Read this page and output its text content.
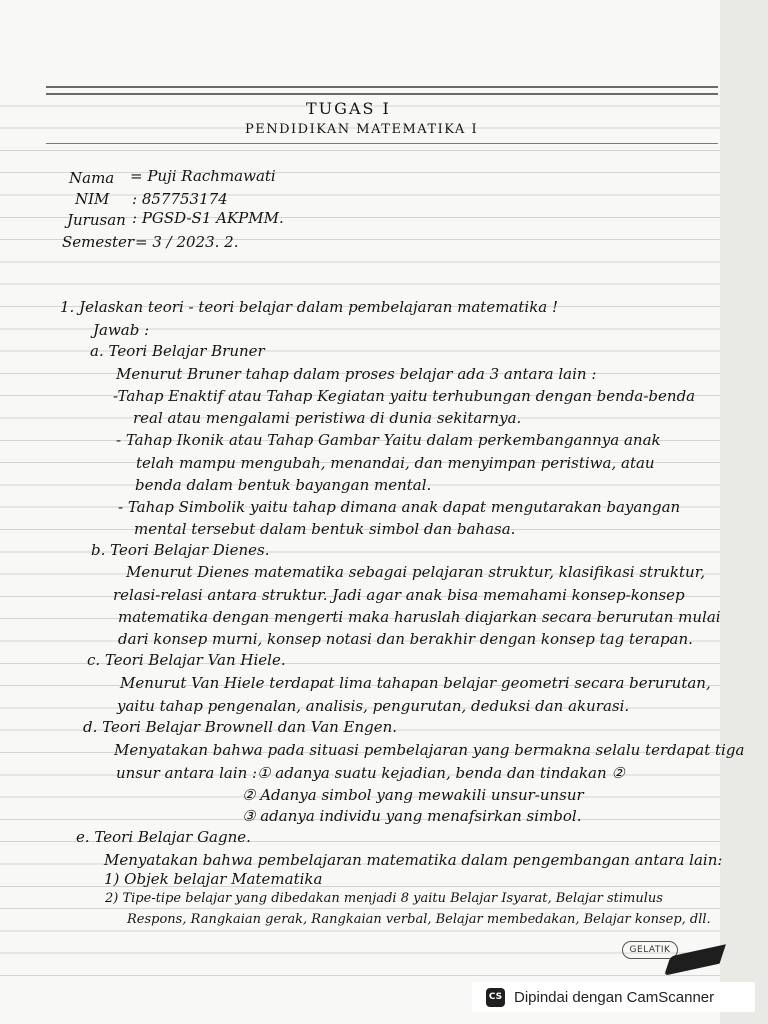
TUGAS I
PENDIDIKAN MATEMATIKA I
Nama = Puji Rachmawati
NIM : 857753174
Jurusan : PGSD-S1 AKPMM.
Semester = 3 / 2023. 2.
1. Jelaskan teori - teori belajar dalam pembelajaran matematika !
Jawab :
a. Teori Belajar Bruner
Menurut Bruner tahap dalam proses belajar ada 3 antara lain :
-Tahap Enaktif atau Tahap Kegiatan yaitu terhubungan dengan benda-benda
real atau mengalami peristiwa di dunia sekitarnya.
- Tahap Ikonik atau Tahap Gambar Yaitu dalam perkembangannya anak
telah mampu mengubah, menandai, dan menyimpan peristiwa, atau
benda dalam bentuk bayangan mental.
- Tahap Simbolik yaitu tahap dimana anak dapat mengutarakan bayangan
mental tersebut dalam bentuk simbol dan bahasa.
b. Teori Belajar Dienes.
Menurut Dienes matematika sebagai pelajaran struktur, klasifikasi struktur,
relasi-relasi antara struktur. Jadi agar anak bisa memahami konsep-konsep
matematika dengan mengerti maka haruslah diajarkan secara berurutan mulai
dari konsep murni, konsep notasi dan berakhir dengan konsep tag terapan.
c. Teori Belajar Van Hiele.
Menurut Van Hiele terdapat lima tahapan belajar geometri secara berurutan,
yaitu tahap pengenalan, analisis, pengurutan, deduksi dan akurasi.
d. Teori Belajar Brownell dan Van Engen.
Menyatakan bahwa pada situasi pembelajaran yang bermakna selalu terdapat tiga
unsur antara lain :① adanya suatu kejadian, benda dan tindakan ②
② Adanya simbol yang mewakili unsur-unsur
③ adanya individu yang menafsirkan simbol.
e. Teori Belajar Gagne.
Menyatakan bahwa pembelajaran matematika dalam pengembangan antara lain:
1) Objek belajar Matematika
2) Tipe-tipe belajar yang dibedakan menjadi 8 yaitu Belajar Isyarat, Belajar stimulus
Respons, Rangkaian gerak, Rangkaian verbal, Belajar membedakan, Belajar konsep, dll.
GELATIK
CS Dipindai dengan CamScanner
